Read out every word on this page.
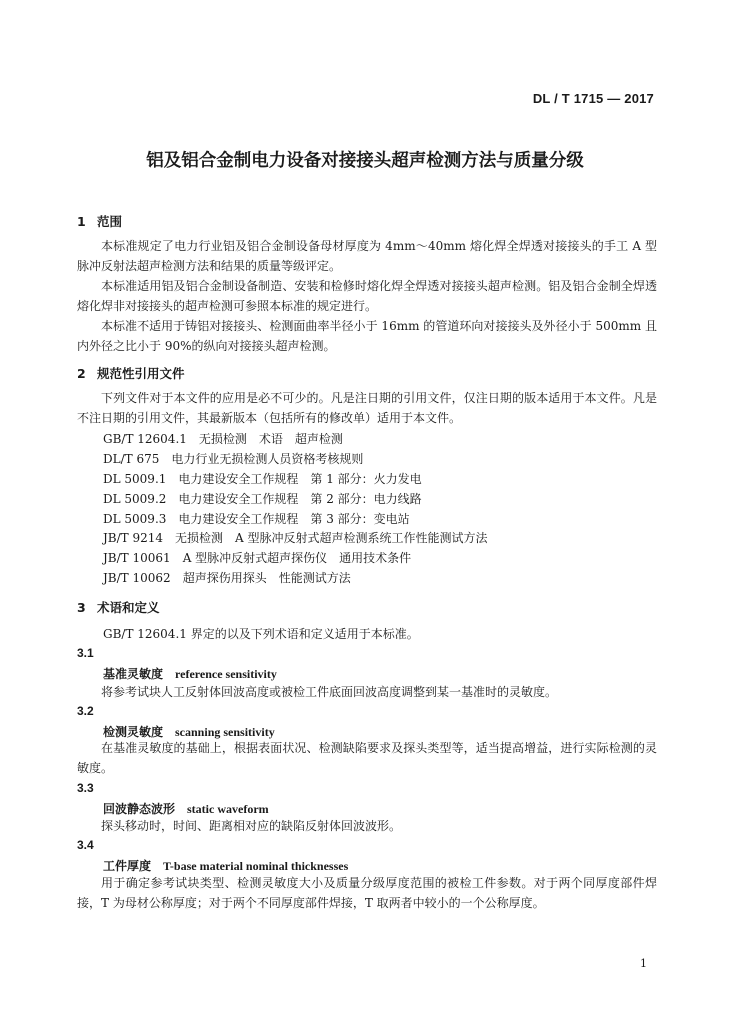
DL / T 1715 — 2017
铝及铝合金制电力设备对接接头超声检测方法与质量分级
1 范围
本标准规定了电力行业铝及铝合金制设备母材厚度为 4mm～40mm 熔化焊全焊透对接接头的手工 A 型脉冲反射法超声检测方法和结果的质量等级评定。
本标准适用铝及铝合金制设备制造、安装和检修时熔化焊全焊透对接接头超声检测。铝及铝合金制全焊透熔化焊非对接接头的超声检测可参照本标准的规定进行。
本标准不适用于铸铝对接接头、检测面曲率半径小于 16mm 的管道环向对接接头及外径小于 500mm 且内外径之比小于 90%的纵向对接接头超声检测。
2 规范性引用文件
下列文件对于本文件的应用是必不可少的。凡是注日期的引用文件，仅注日期的版本适用于本文件。凡是不注日期的引用文件，其最新版本（包括所有的修改单）适用于本文件。
GB/T 12604.1　 无损检测　术语　超声检测
DL/T 675　 电力行业无损检测人员资格考核规则
DL 5009.1　 电力建设安全工作规程　第 1 部分：火力发电
DL 5009.2　 电力建设安全工作规程　第 2 部分：电力线路
DL 5009.3　 电力建设安全工作规程　第 3 部分：变电站
JB/T 9214　 无损检测　A 型脉冲反射式超声检测系统工作性能测试方法
JB/T 10061　 A 型脉冲反射式超声探伤仪　通用技术条件
JB/T 10062　 超声探伤用探头　性能测试方法
3 术语和定义
GB/T 12604.1 界定的以及下列术语和定义适用于本标准。
3.1
基准灵敏度 reference sensitivity
将参考试块人工反射体回波高度或被检工件底面回波高度调整到某一基准时的灵敏度。
3.2
检测灵敏度 scanning sensitivity
在基准灵敏度的基础上，根据表面状况、检测缺陷要求及探头类型等，适当提高增益，进行实际检测的灵敏度。
3.3
回波静态波形 static waveform
探头移动时，时间、距离相对应的缺陷反射体回波波形。
3.4
工件厚度 T-base material nominal thicknesses
用于确定参考试块类型、检测灵敏度大小及质量分级厚度范围的被检工件参数。对于两个同厚度部件焊接，T 为母材公称厚度；对于两个不同厚度部件焊接，T 取两者中较小的一个公称厚度。
1
